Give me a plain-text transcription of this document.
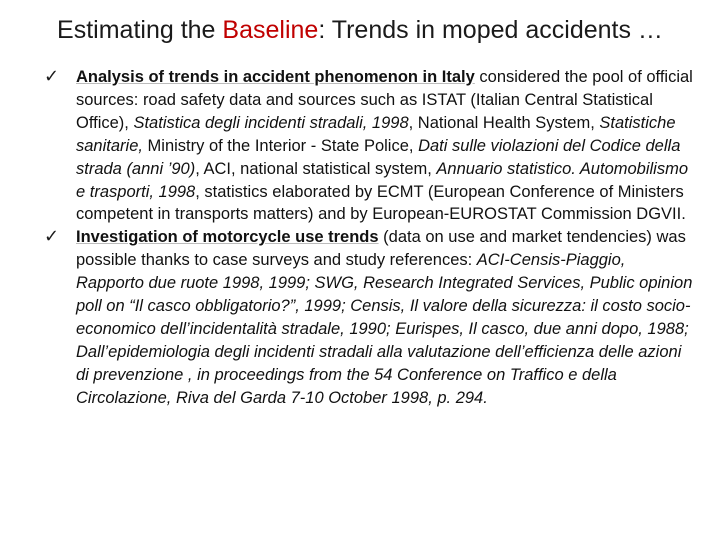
Estimating the Baseline: Trends in moped accidents …
✓ Analysis of trends in accident phenomenon in Italy considered the pool of official sources: road safety data and sources such as ISTAT (Italian Central Statistical Office), Statistica degli incidenti stradali, 1998, National Health System, Statistiche sanitarie, Ministry of the Interior - State Police, Dati sulle violazioni del Codice della strada (anni ’90), ACI, national statistical system, Annuario statistico. Automobilismo e trasporti, 1998, statistics elaborated by ECMT (European Conference of Ministers competent in transports matters) and by European-EUROSTAT Commission DGVII.
✓ Investigation of motorcycle use trends (data on use and market tendencies) was possible thanks to case surveys and study references: ACI-Censis-Piaggio, Rapporto due ruote 1998, 1999; SWG, Research Integrated Services, Public opinion poll on “Il casco obbligatorio?”, 1999; Censis, Il valore della sicurezza: il costo socio-economico dell’incidentalità stradale, 1990; Eurispes, Il casco, due anni dopo, 1988; Dall’epidemiologia degli incidenti stradali alla valutazione dell’efficienza delle azioni di prevenzione , in proceedings from the 54 Conference on Traffico e della Circolazione, Riva del Garda 7-10 October 1998, p. 294.
